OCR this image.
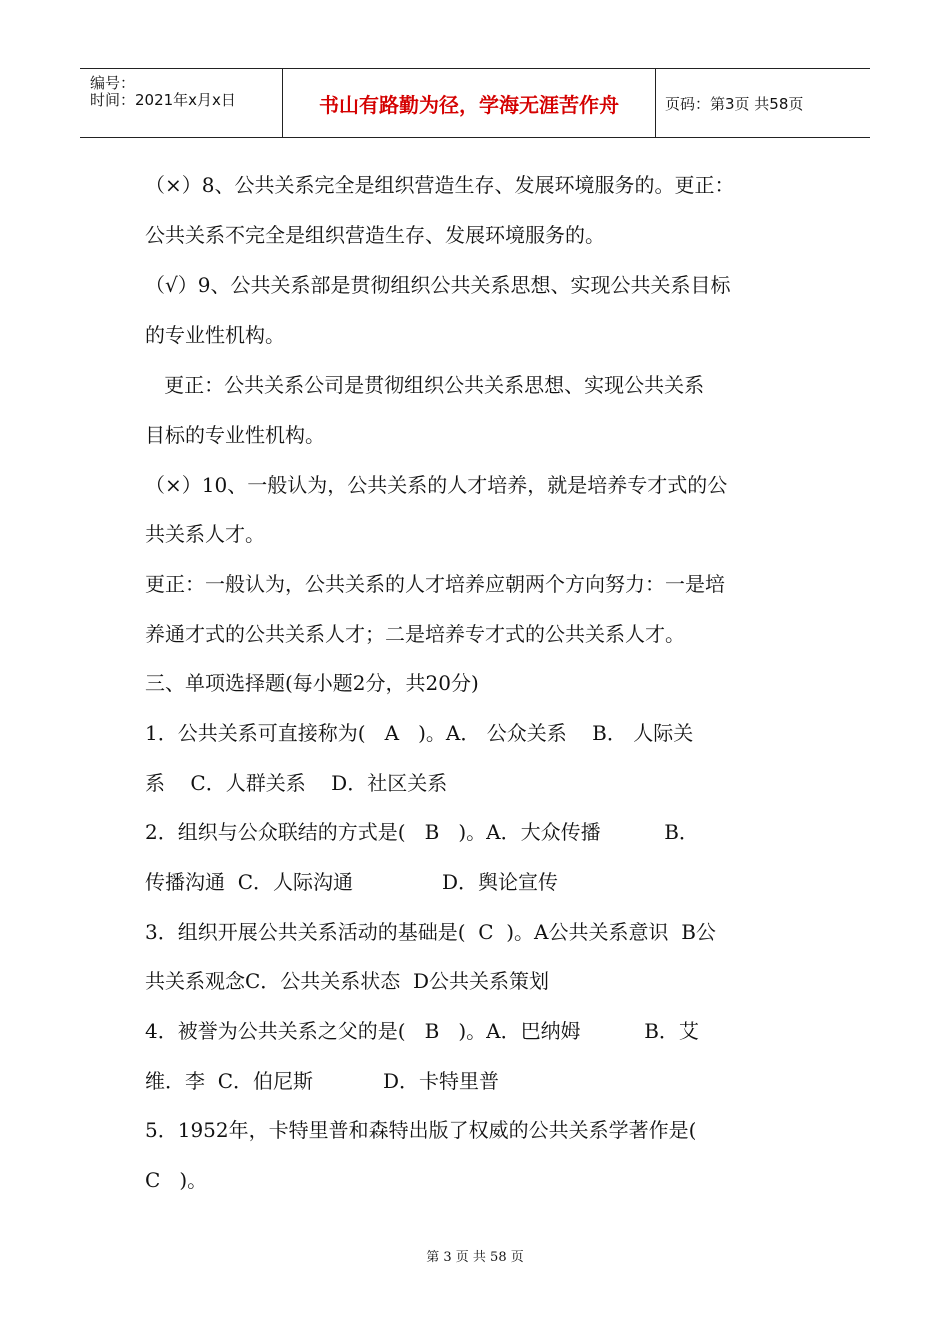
编号：
时间：2021年x月x日	书山有路勤为径，学海无涯苦作舟	页码：第3页 共58页
（×）8、公共关系完全是组织营造生存、发展环境服务的。更正：
公共关系不完全是组织营造生存、发展环境服务的。
（√）9、公共关系部是贯彻组织公共关系思想、实现公共关系目标
的专业性机构。
更正：公共关系公司是贯彻组织公共关系思想、实现公共关系
目标的专业性机构。
（×）10、一般认为，公共关系的人才培养，就是培养专才式的公
共关系人才。
更正：一般认为，公共关系的人才培养应朝两个方向努力：一是培
养通才式的公共关系人才；二是培养专才式的公共关系人才。
三、单项选择题(每小题2分，共20分)
1．公共关系可直接称为(   A   )。A． 公众关系    B． 人际关
系    C．人群关系    D．社区关系
2．组织与公众联结的方式是(   B   )。A．大众传播          B．
传播沟通  C．人际沟通              D．舆论宣传
3．组织开展公共关系活动的基础是(  C  )。A公共关系意识  B公
共关系观念C．公共关系状态  D公共关系策划
4．被誉为公共关系之父的是(   B   )。A．巴纳姆          B．艾
维．李  C．伯尼斯           D．卡特里普
5．1952年，卡特里普和森特出版了权威的公共关系学著作是(
C   )。
第 3 页 共 58 页
